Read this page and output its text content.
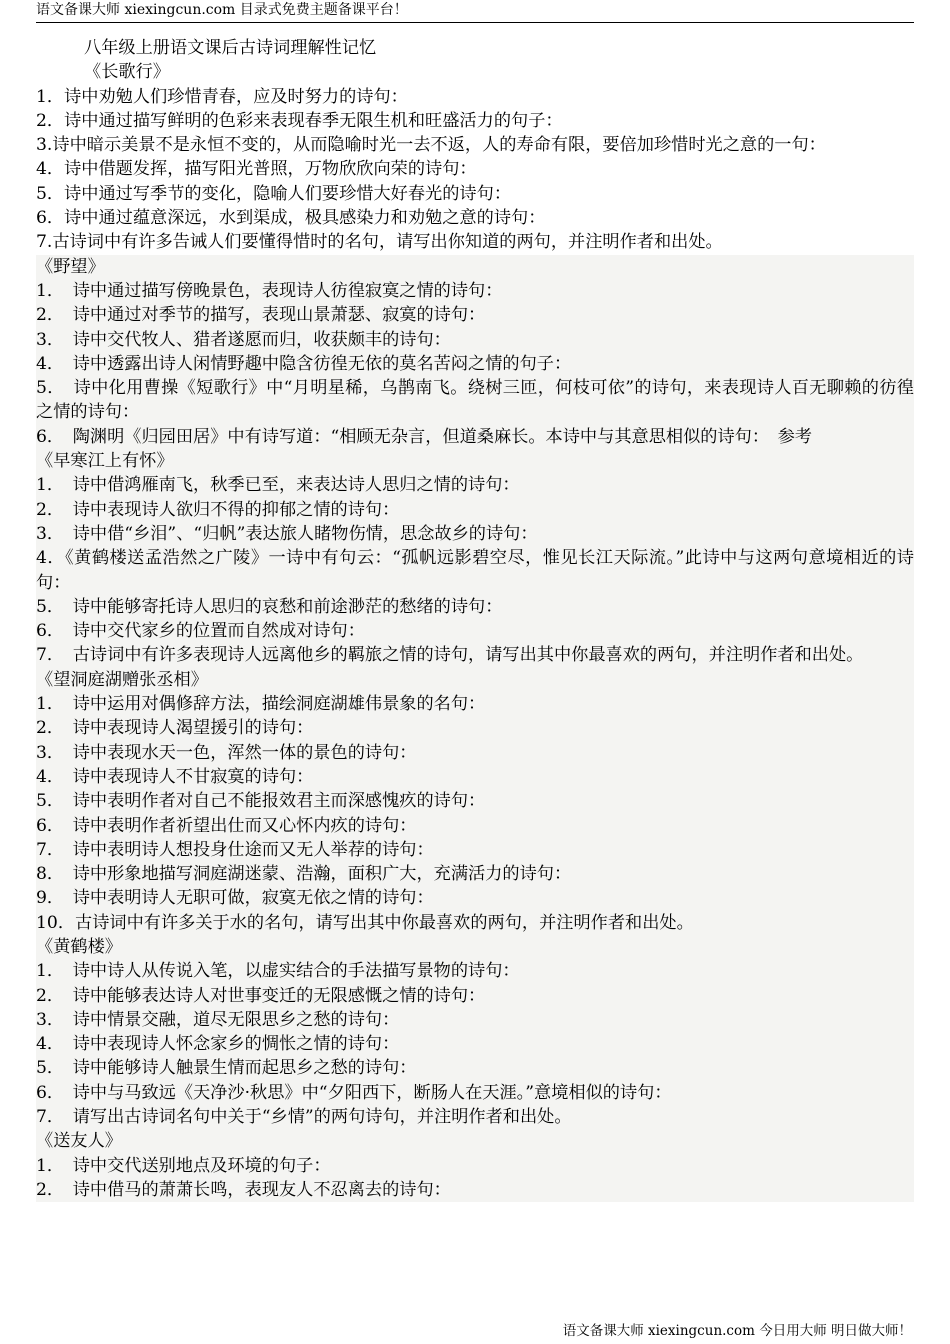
语文备课大师 xiexingcun.com 目录式免费主题备课平台！
八年级上册语文课后古诗词理解性记忆
《长歌行》
1．诗中劝勉人们珍惜青春，应及时努力的诗句：
2．诗中通过描写鲜明的色彩来表现春季无限生机和旺盛活力的句子：
3.诗中暗示美景不是永恒不变的，从而隐喻时光一去不返，人的寿命有限，要倍加珍惜时光之意的一句：
4．诗中借题发挥，描写阳光普照，万物欣欣向荣的诗句：
5．诗中通过写季节的变化，隐喻人们要珍惜大好春光的诗句：
6．诗中通过蕴意深远，水到渠成，极具感染力和劝勉之意的诗句：
7.古诗词中有许多告诫人们要懂得惜时的名句，请写出你知道的两句，并注明作者和出处。
《野望》
1．　诗中通过描写傍晚景色，表现诗人彷徨寂寞之情的诗句：
2．　诗中通过对季节的描写，表现山景萧瑟、寂寞的诗句：
3．　诗中交代牧人、猎者遂愿而归，收获颇丰的诗句：
4．　诗中透露出诗人闲情野趣中隐含彷徨无依的莫名苦闷之情的句子：
5．　诗中化用曹操《短歌行》中“月明星稀，乌鹊南飞。绕树三匝，何枝可依”的诗句，来表现诗人百无聊赖的彷徨之情的诗句：
6．　陶渊明《归园田居》中有诗写道：“相顾无杂言，但道桑麻长。本诗中与其意思相似的诗句：　参考
《早寒江上有怀》
1．　诗中借鸿雁南飞，秋季已至，来表达诗人思归之情的诗句：
2．　诗中表现诗人欲归不得的抑郁之情的诗句：
3．　诗中借“乡泪”、“归帆”表达旅人睹物伤情，思念故乡的诗句：
4．《黄鹤楼送孟浩然之广陵》一诗中有句云：“孤帆远影碧空尽，惟见长江天际流。”此诗中与这两句意境相近的诗句：
5．　诗中能够寄托诗人思归的哀愁和前途渺茫的愁绪的诗句：
6．　诗中交代家乡的位置而自然成对诗句：
7．　古诗词中有许多表现诗人远离他乡的羁旅之情的诗句，请写出其中你最喜欢的两句，并注明作者和出处。
《望洞庭湖赠张丞相》
1．　诗中运用对偶修辞方法，描绘洞庭湖雄伟景象的名句：
2．　诗中表现诗人渴望援引的诗句：
3．　诗中表现水天一色，浑然一体的景色的诗句：
4．　诗中表现诗人不甘寂寞的诗句：
5．　诗中表明作者对自己不能报效君主而深感愧疚的诗句：
6．　诗中表明作者祈望出仕而又心怀内疚的诗句：
7．　诗中表明诗人想投身仕途而又无人举荐的诗句：
8．　诗中形象地描写洞庭湖迷蒙、浩瀚，面积广大，充满活力的诗句：
9．　诗中表明诗人无职可做，寂寞无依之情的诗句：
10．古诗词中有许多关于水的名句，请写出其中你最喜欢的两句，并注明作者和出处。
《黄鹤楼》
1．　诗中诗人从传说入笔，以虚实结合的手法描写景物的诗句：
2．　诗中能够表达诗人对世事变迁的无限感慨之情的诗句：
3．　诗中情景交融，道尽无限思乡之愁的诗句：
4．　诗中表现诗人怀念家乡的惆怅之情的诗句：
5．　诗中能够诗人触景生情而起思乡之愁的诗句：
6．　诗中与马致远《天净沙·秋思》中“夕阳西下，断肠人在天涯。”意境相似的诗句：
7．　请写出古诗词名句中关于“乡情”的两句诗句，并注明作者和出处。
《送友人》
1．　诗中交代送别地点及环境的句子：
2．　诗中借马的萧萧长鸣，表现友人不忍离去的诗句：
语文备课大师 xiexingcun.com 今日用大师 明日做大师！
